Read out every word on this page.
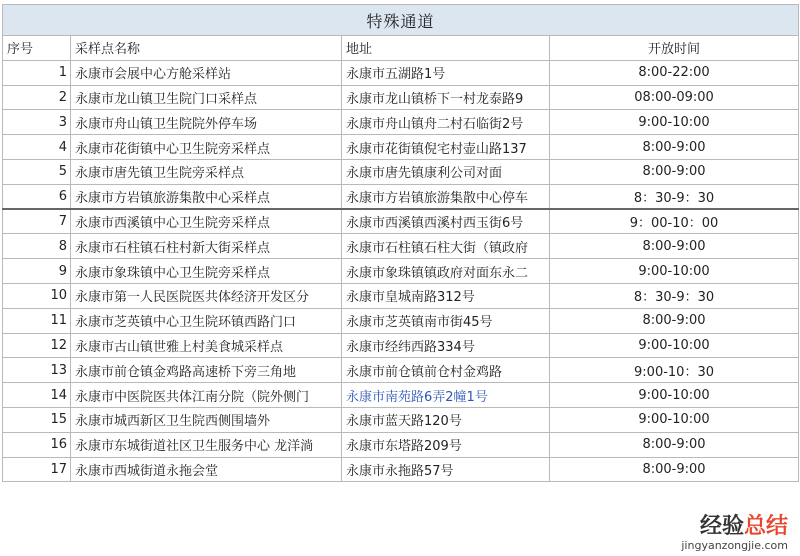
特殊通道			
序号	采样点名称	地址	开放时间
1	永康市会展中心方舱采样站	永康市五湖路1号	8:00-22:00
2	永康市龙山镇卫生院门口采样点	永康市龙山镇桥下一村龙泰路9	08:00-09:00
3	永康市舟山镇卫生院院外停车场	永康市舟山镇舟二村石临街2号	9:00-10:00
4	永康市花街镇中心卫生院旁采样点	永康市花街镇倪宅村壶山路137	8:00-9:00
5	永康市唐先镇卫生院旁采样点	永康市唐先镇康利公司对面	8:00-9:00
6	永康市方岩镇旅游集散中心采样点	永康市方岩镇旅游集散中心停车	8：30-9：30
7	永康市西溪镇中心卫生院旁采样点	永康市西溪镇西溪村西玉街6号	9：00-10：00
8	永康市石柱镇石柱村新大街采样点	永康市石柱镇石柱大街（镇政府	8:00-9:00
9	永康市象珠镇中心卫生院旁采样点	永康市象珠镇镇政府对面东永二	9:00-10:00
10	永康市第一人民医院医共体经济开发区分	永康市皇城南路312号	8：30-9：30
11	永康市芝英镇中心卫生院环镇西路门口	永康市芝英镇南市街45号	8:00-9:00
12	永康市古山镇世雅上村美食城采样点	永康市经纬西路334号	9:00-10:00
13	永康市前仓镇金鸡路高速桥下旁三角地	永康市前仓镇前仓村金鸡路	9:00-10：30
14	永康市中医院医共体江南分院（院外侧门	永康市南苑路6弄2幢1号	9:00-10:00
15	永康市城西新区卫生院西侧围墙外	永康市蓝天路120号	9:00-10:00
16	永康市东城街道社区卫生服务中心 龙洋淌	永康市东塔路209号	8:00-9:00
17	永康市西城街道永拖会堂	永康市永拖路57号	8:00-9:00
经验总结
jingyanzongjie.com
